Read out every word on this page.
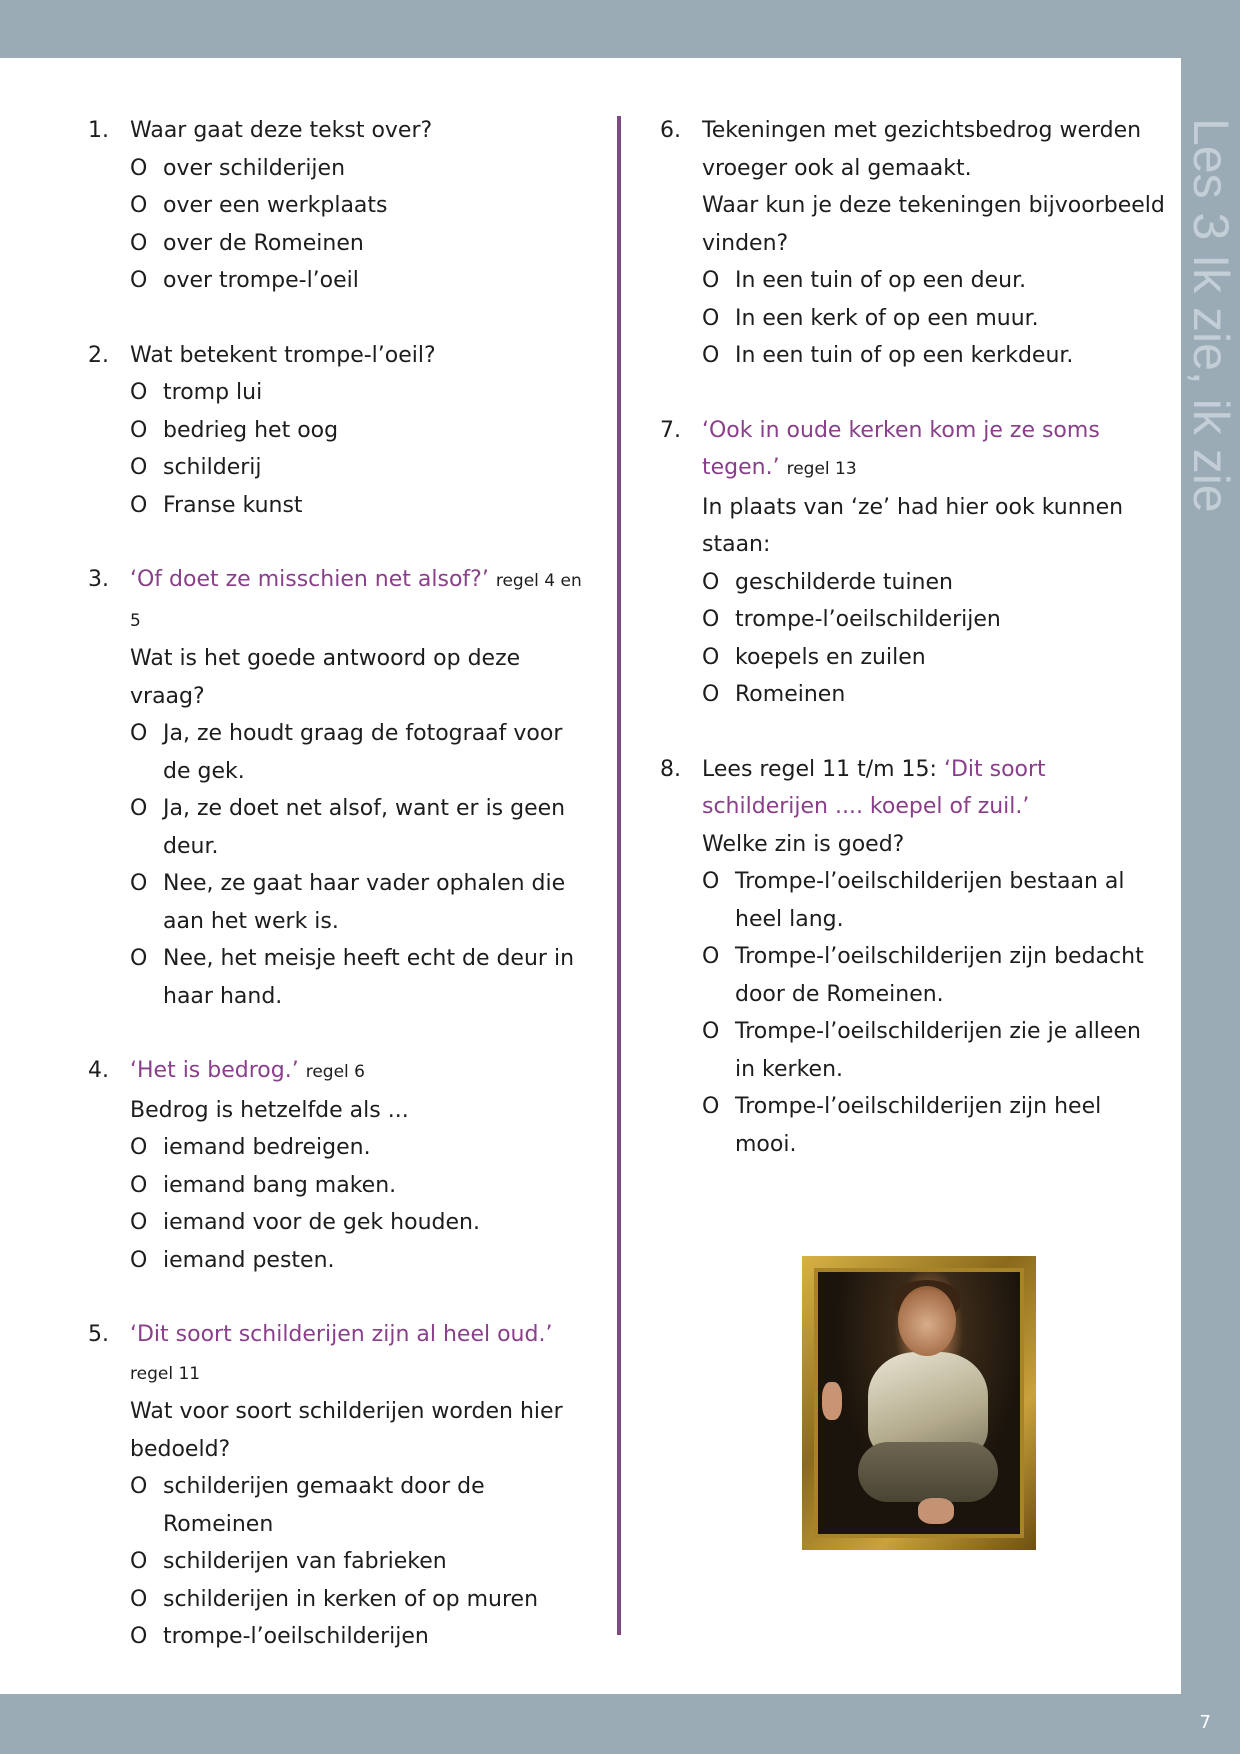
Les 3 Ik zie, ik zie
7
1. Waar gaat deze tekst over?
O over schilderijen
O over een werkplaats
O over de Romeinen
O over trompe-l’oeil
2. Wat betekent trompe-l’oeil?
O tromp lui
O bedrieg het oog
O schilderij
O Franse kunst
3. ‘Of doet ze misschien net alsof?’ regel 4 en 5
Wat is het goede antwoord op deze vraag?
O Ja, ze houdt graag de fotograaf voor de gek.
O Ja, ze doet net alsof, want er is geen deur.
O Nee, ze gaat haar vader ophalen die aan het werk is.
O Nee, het meisje heeft echt de deur in haar hand.
4. ‘Het is bedrog.’ regel 6
Bedrog is hetzelfde als ...
O iemand bedreigen.
O iemand bang maken.
O iemand voor de gek houden.
O iemand pesten.
5. ‘Dit soort schilderijen zijn al heel oud.’ regel 11
Wat voor soort schilderijen worden hier bedoeld?
O schilderijen gemaakt door de Romeinen
O schilderijen van fabrieken
O schilderijen in kerken of op muren
O trompe-l’oeilschilderijen
6. Tekeningen met gezichtsbedrog werden vroeger ook al gemaakt.
Waar kun je deze tekeningen bijvoorbeeld vinden?
O In een tuin of op een deur.
O In een kerk of op een muur.
O In een tuin of op een kerkdeur.
7. ‘Ook in oude kerken kom je ze soms tegen.’ regel 13
In plaats van ‘ze’ had hier ook kunnen staan:
O geschilderde tuinen
O trompe-l’oeilschilderijen
O koepels en zuilen
O Romeinen
8. Lees regel 11 t/m 15: ‘Dit soort schilderijen .... koepel of zuil.’
Welke zin is goed?
O Trompe-l’oeilschilderijen bestaan al heel lang.
O Trompe-l’oeilschilderijen zijn bedacht door de Romeinen.
O Trompe-l’oeilschilderijen zie je alleen in kerken.
O Trompe-l’oeilschilderijen zijn heel mooi.
